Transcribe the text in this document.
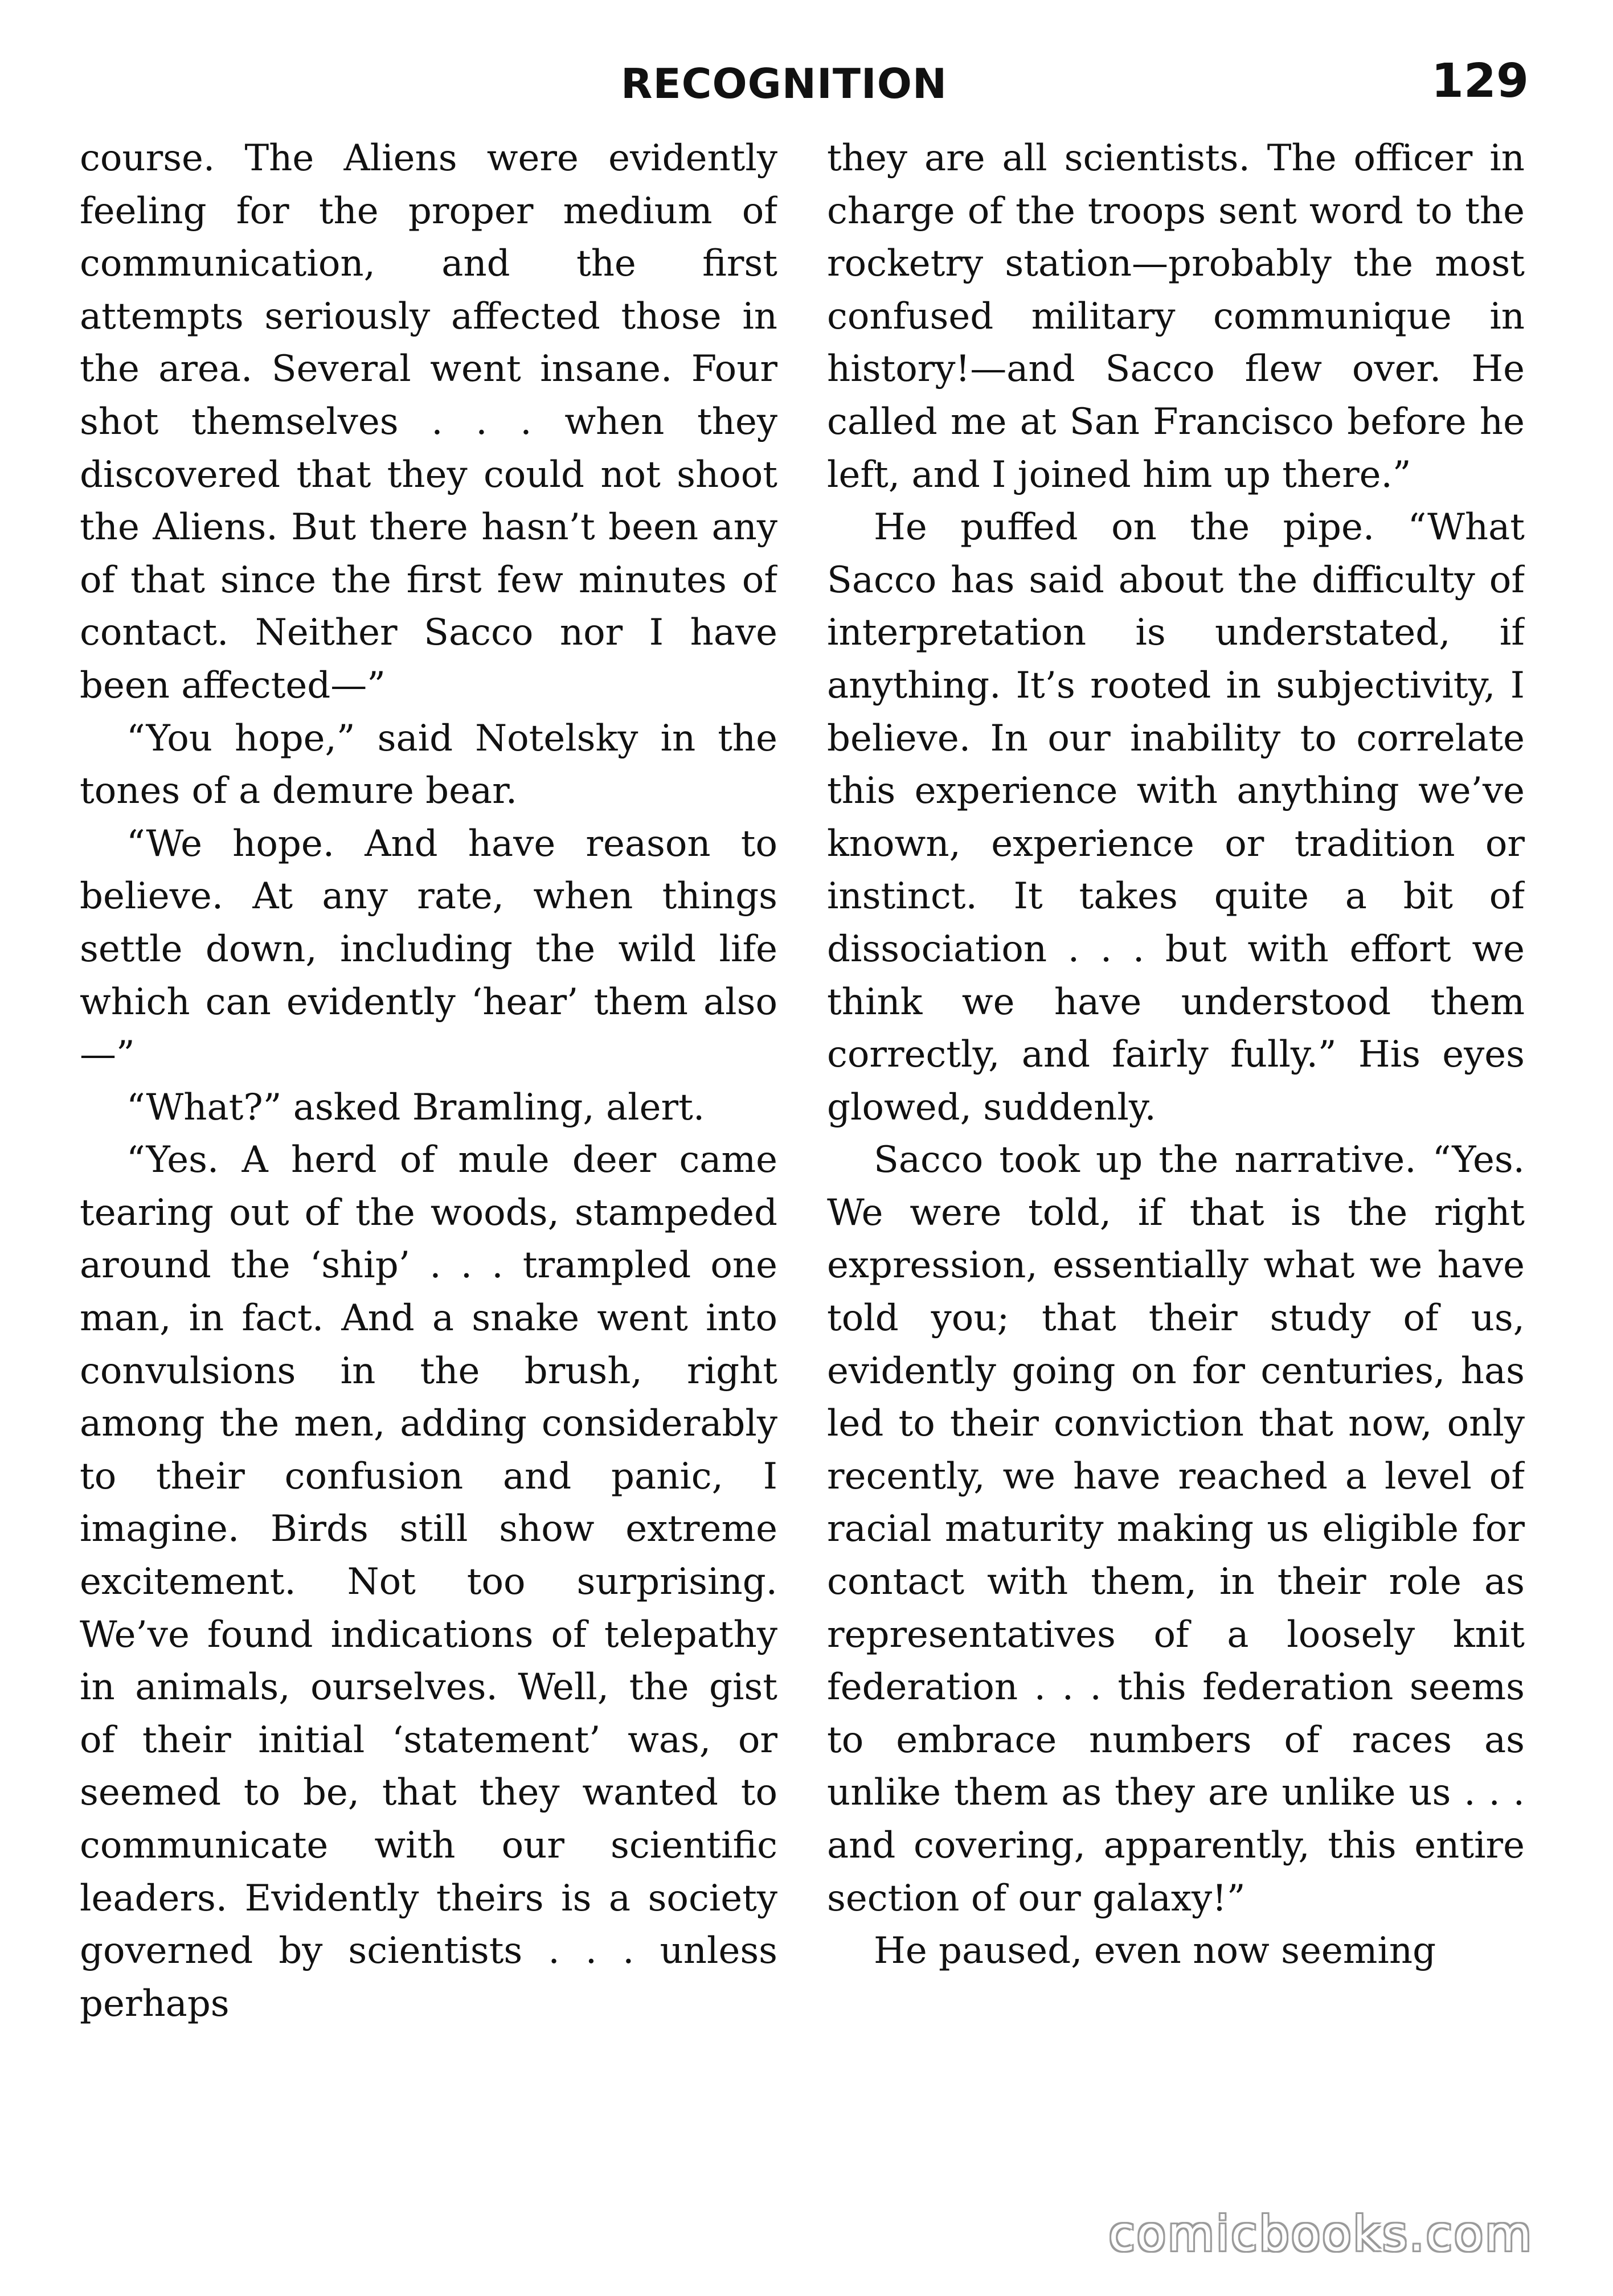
RECOGNITION	129

course. The Aliens were evidently feeling for the proper medium of communication, and the first attempts seriously affected those in the area. Several went insane. Four shot themselves . . . when they discovered that they could not shoot the Aliens. But there hasn’t been any of that since the first few minutes of contact. Neither Sacco nor I have been affected—”

“You hope,” said Notelsky in the tones of a demure bear.

“We hope. And have reason to believe. At any rate, when things settle down, including the wild life which can evidently ‘hear’ them also—”

“What?” asked Bramling, alert.

“Yes. A herd of mule deer came tearing out of the woods, stampeded around the ‘ship’ . . . trampled one man, in fact. And a snake went into convulsions in the brush, right among the men, adding considerably to their confusion and panic, I imagine. Birds still show extreme excitement. Not too surprising. We’ve found indications of telepathy in animals, ourselves. Well, the gist of their initial ‘statement’ was, or seemed to be, that they wanted to communicate with our scientific leaders. Evidently theirs is a society governed by scientists . . . unless perhaps

they are all scientists. The officer in charge of the troops sent word to the rocketry station—probably the most confused military communique in history!—and Sacco flew over. He called me at San Francisco before he left, and I joined him up there.”

He puffed on the pipe. “What Sacco has said about the difficulty of interpretation is understated, if anything. It’s rooted in subjectivity, I believe. In our inability to correlate this experience with anything we’ve known, experience or tradition or instinct. It takes quite a bit of dissociation . . . but with effort we think we have understood them correctly, and fairly fully.” His eyes glowed, suddenly.

Sacco took up the narrative. “Yes. We were told, if that is the right expression, essentially what we have told you; that their study of us, evidently going on for centuries, has led to their conviction that now, only recently, we have reached a level of racial maturity making us eligible for contact with them, in their role as representatives of a loosely knit federation . . . this federation seems to embrace numbers of races as unlike them as they are unlike us . . . and covering, apparently, this entire section of our galaxy!”

He paused, even now seeming

comicbooks.com
